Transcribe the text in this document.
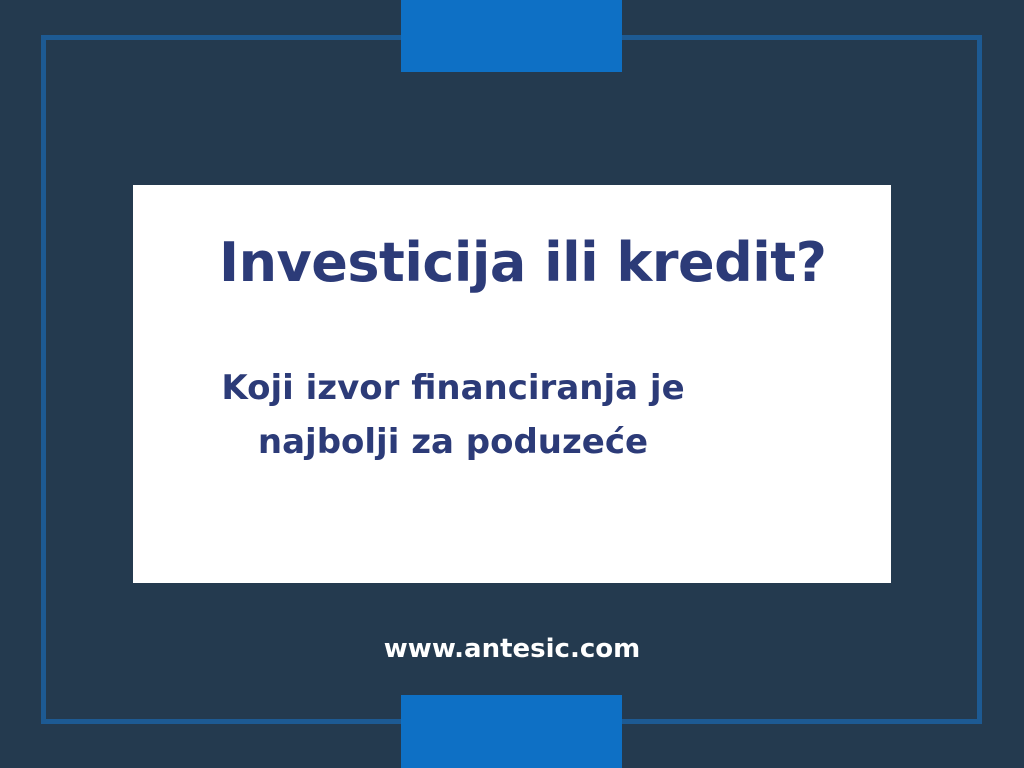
Investicija ili kredit?

Koji izvor financiranja je najbolji za poduzeće

www.antesic.com
